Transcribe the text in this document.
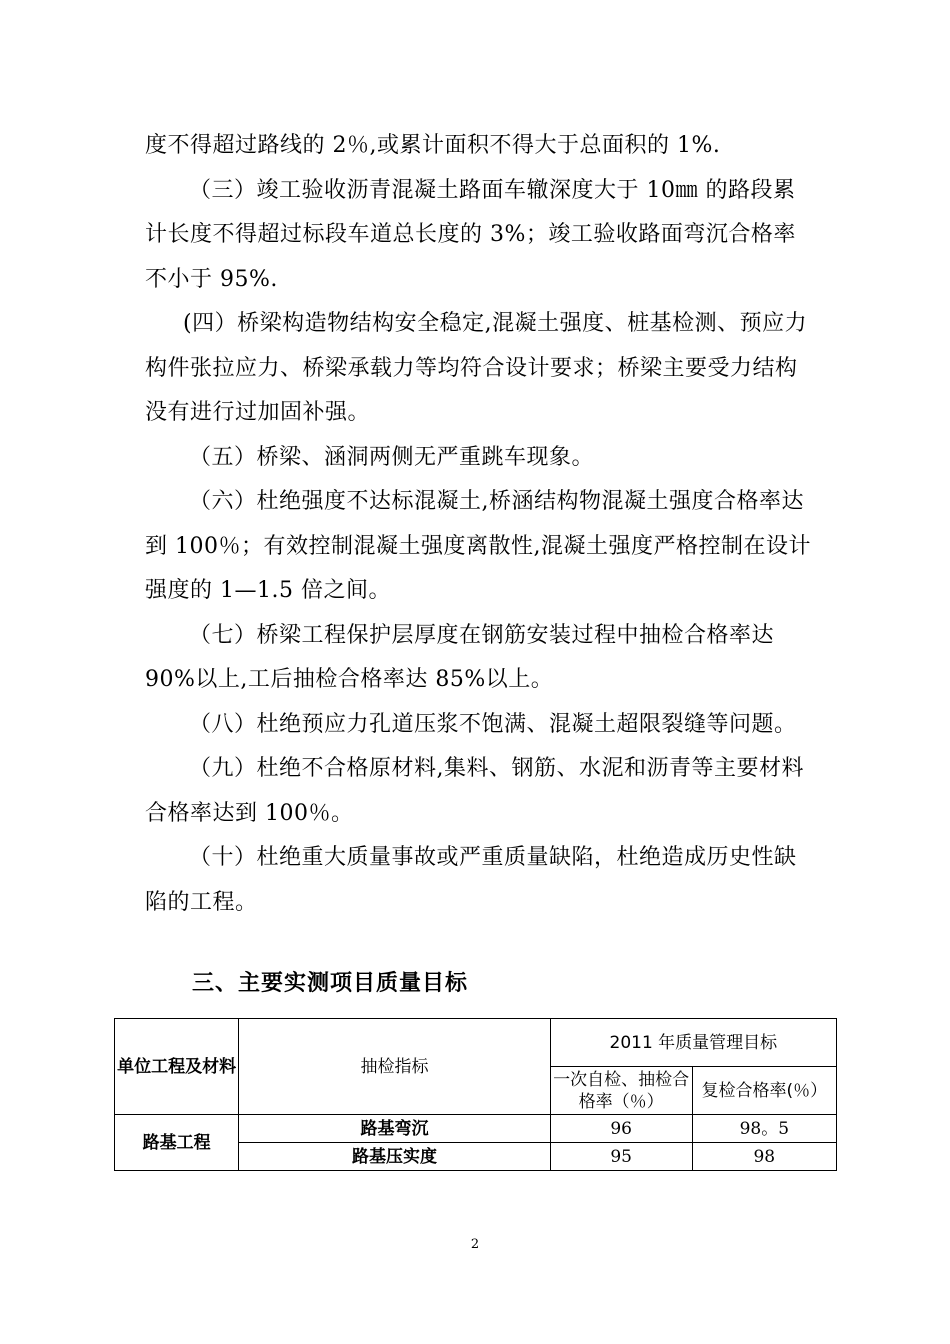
度不得超过路线的 2％,或累计面积不得大于总面积的 1%.

（三）竣工验收沥青混凝土路面车辙深度大于 10㎜ 的路段累计长度不得超过标段车道总长度的 3%；竣工验收路面弯沉合格率不小于 95%.

(四）桥梁构造物结构安全稳定,混凝土强度、桩基检测、预应力构件张拉应力、桥梁承载力等均符合设计要求；桥梁主要受力结构没有进行过加固补强。

（五）桥梁、涵洞两侧无严重跳车现象。

（六）杜绝强度不达标混凝土,桥涵结构物混凝土强度合格率达到 100％；有效控制混凝土强度离散性,混凝土强度严格控制在设计强度的 1—1.5 倍之间。

（七）桥梁工程保护层厚度在钢筋安装过程中抽检合格率达 90%以上,工后抽检合格率达 85%以上。

（八）杜绝预应力孔道压浆不饱满、混凝土超限裂缝等问题。

（九）杜绝不合格原材料,集料、钢筋、水泥和沥青等主要材料合格率达到 100％。

（十）杜绝重大质量事故或严重质量缺陷，杜绝造成历史性缺陷的工程。

三、主要实测项目质量目标
单位工程及材料	抽检指标	2011 年质量管理目标	
		一次自检、抽检合格率（％）	复检合格率(％）
路基工程	路基弯沉	96	98。5
	路基压实度	95	98
2
